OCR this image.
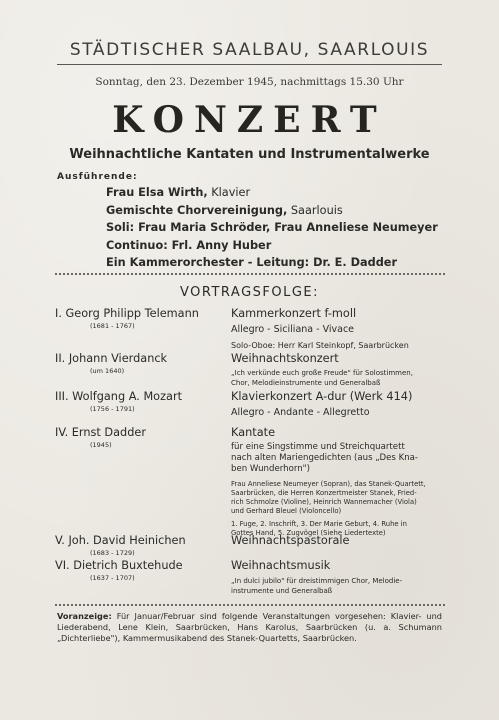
STÄDTISCHER SAALBAU, SAARLOUIS
Sonntag, den 23. Dezember 1945, nachmittags 15.30 Uhr
KONZERT
Weihnachtliche Kantaten und Instrumentalwerke
Ausführende:
Frau Elsa Wirth, Klavier
Gemischte Chorvereinigung, Saarlouis
Soli: Frau Maria Schröder, Frau Anneliese Neumeyer
Continuo: Frl. Anny Huber
Ein Kammerorchester - Leitung: Dr. E. Dadder
VORTRAGSFOLGE:
I. Georg Philipp Telemann
(1681 - 1767)
Kammerkonzert f-moll
Allegro - Siciliana - Vivace
Solo-Oboe: Herr Karl Steinkopf, Saarbrücken
II. Johann Vierdanck
(um 1640)
Weihnachtskonzert
„Ich verkünde euch große Freude" für Solostimmen,
Chor, Melodieinstrumente und Generalbaß
III. Wolfgang A. Mozart
(1756 - 1791)
Klavierkonzert A-dur (Werk 414)
Allegro - Andante - Allegretto
IV. Ernst Dadder
(1945)
Kantate
für eine Singstimme und Streichquartett
nach alten Mariengedichten (aus „Des Kna-
ben Wunderhorn")
Frau Anneliese Neumeyer (Sopran), das Stanek-Quartett,
Saarbrücken, die Herren Konzertmeister Stanek, Fried-
rich Schmolze (Violine), Heinrich Wannemacher (Viola)
und Gerhard Bleuel (Violoncello)
1. Fuge, 2. Inschrift, 3. Der Marie Geburt, 4. Ruhe in
Gottes Hand, 5. Zugvögel (Siehe Liedertexte)
V. Joh. David Heinichen
(1683 - 1729)
Weihnachtspastorale
VI. Dietrich Buxtehude
(1637 - 1707)
Weihnachtsmusik
„In dulci jubilo" für dreistimmigen Chor, Melodie-
instrumente und Generalbaß
Voranzeige: Für Januar/Februar sind folgende Veranstaltungen vorgesehen: Klavier- und Liederabend, Lene Klein, Saarbrücken, Hans Karolus, Saarbrücken (u. a. Schumann „Dichterliebe"), Kammermusikabend des Stanek-Quartetts, Saarbrücken.
